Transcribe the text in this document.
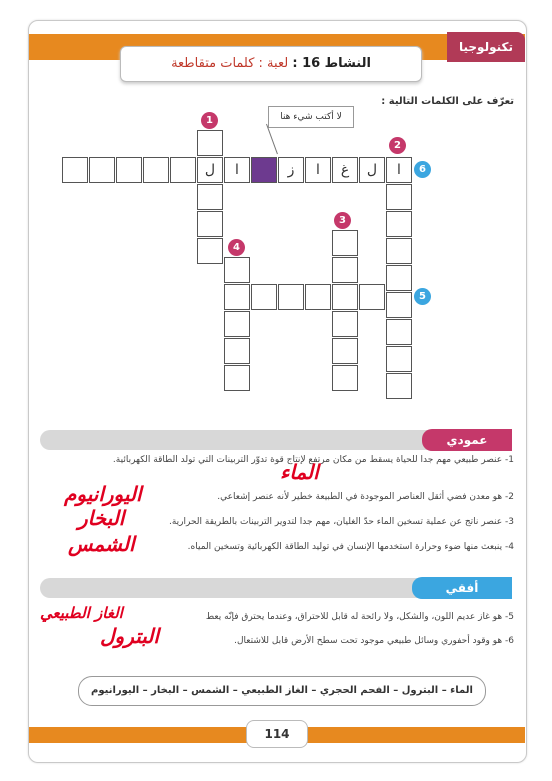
تكنولوجيا
النشاط 16 : لعبة : كلمات متقاطعة
تعرّف على الكلمات التالية :
لا أكتب شيء هنا
ل	ا	ز	ا	غ	ل	ا
1
2
3
4
5
6
عمودي
1- عنصر طبيعي مهم جدا للحياة يسقط من مكان مرتفع لإنتاج قوة تدوّر التربينات التي تولد الطاقة الكهربائية.
الماء
2- هو معدن فضي أثقل العناصر الموجودة في الطبيعة خطير لأنه عنصر إشعاعي.
اليورانيوم
3- عنصر ناتج عن عملية تسخين الماء حدّ الغليان، مهم جدا لتدوير التربينات بالطريقة الحرارية.
البخار
4- ينبعث منها ضوء وحرارة استخدمها الإنسان في توليد الطاقة الكهربائية وتسخين المياه.
الشمس
أفقي
5- هو غاز عديم اللون، والشكل، ولا رائحة له قابل للاحتراق، وعندما يحترق فإنّه يعط
الغاز الطبيعي
6- هو وقود أحفوري وسائل طبيعي موجود تحت سطح الأرض قابل للاشتعال.
البترول
الماء – البترول – الفحم الحجري – الغاز الطبيعي – الشمس – البخار – اليورانيوم
114
